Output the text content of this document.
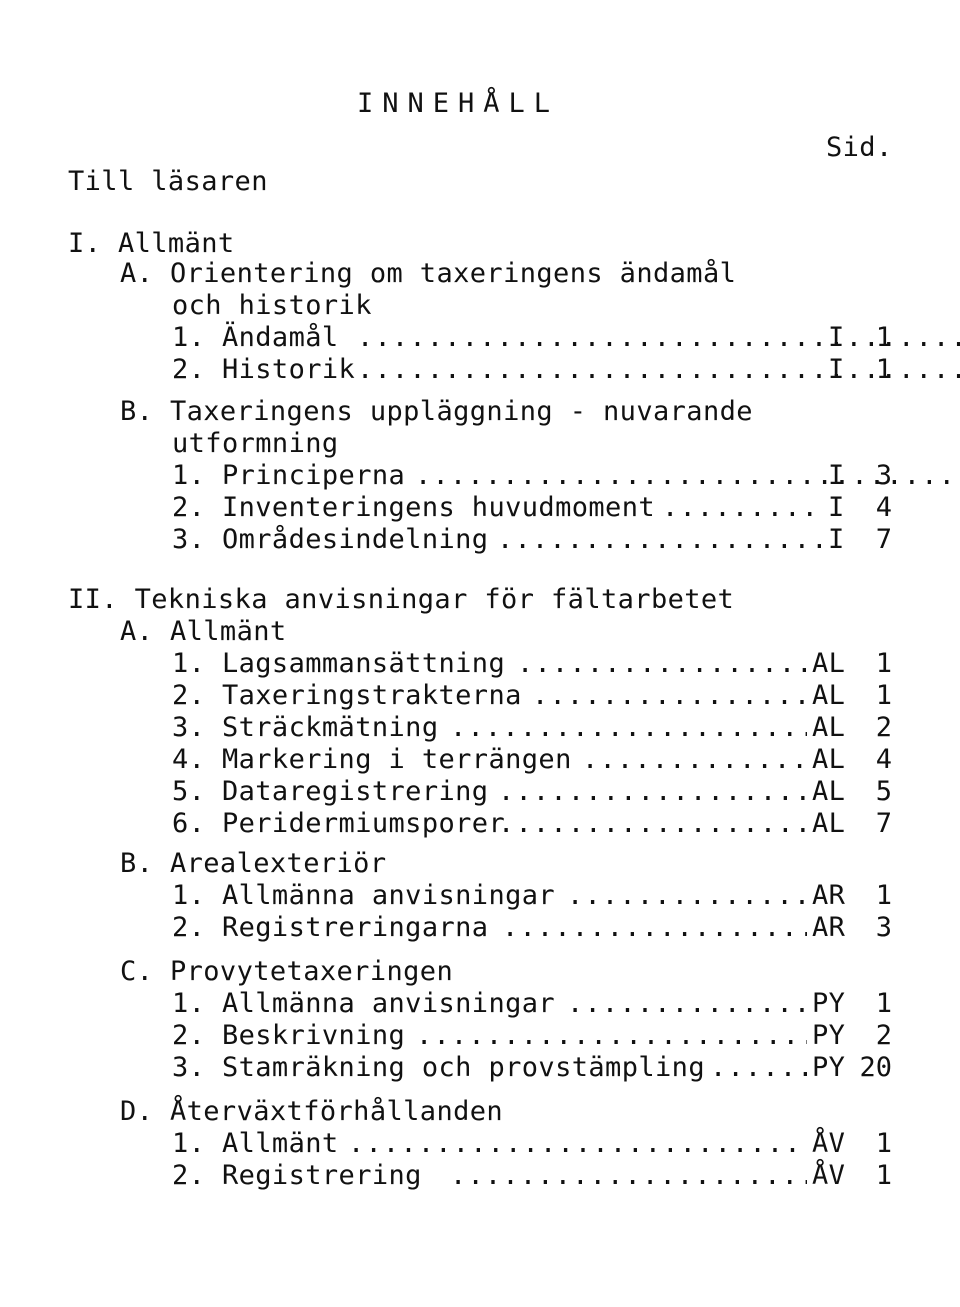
INNEHÅLL
Sid.
Till läsaren
I. Allmänt
A. Orientering om taxeringens ändamål
och historik
1. Ändamål .....	I	1
2. Historik .....	I	1
B. Taxeringens uppläggning - nuvarande
utformning
1. Principerna .....	I	3
2. Inventeringens huvudmoment .....	I	4
3. Områdesindelning .....	I	7
II. Tekniska anvisningar för fältarbetet
A. Allmänt
1. Lagsammansättning .....	AL	1
2. Taxeringstrakterna .....	AL	1
3. Sträckmätning .....	AL	2
4. Markering i terrängen .....	AL	4
5. Dataregistrering .....	AL	5
6. Peridermiumsporer .....	AL	7
B. Arealexteriör
1. Allmänna anvisningar .....	AR	1
2. Registreringarna .....	AR	3
C. Provytetaxeringen
1. Allmänna anvisningar .....	PY	1
2. Beskrivning .....	PY	2
3. Stamräkning och provstämpling .....	PY 20
D. Återväxtförhållanden
1. Allmänt .....	ÅV	1
2. Registrering .....	ÅV	1
